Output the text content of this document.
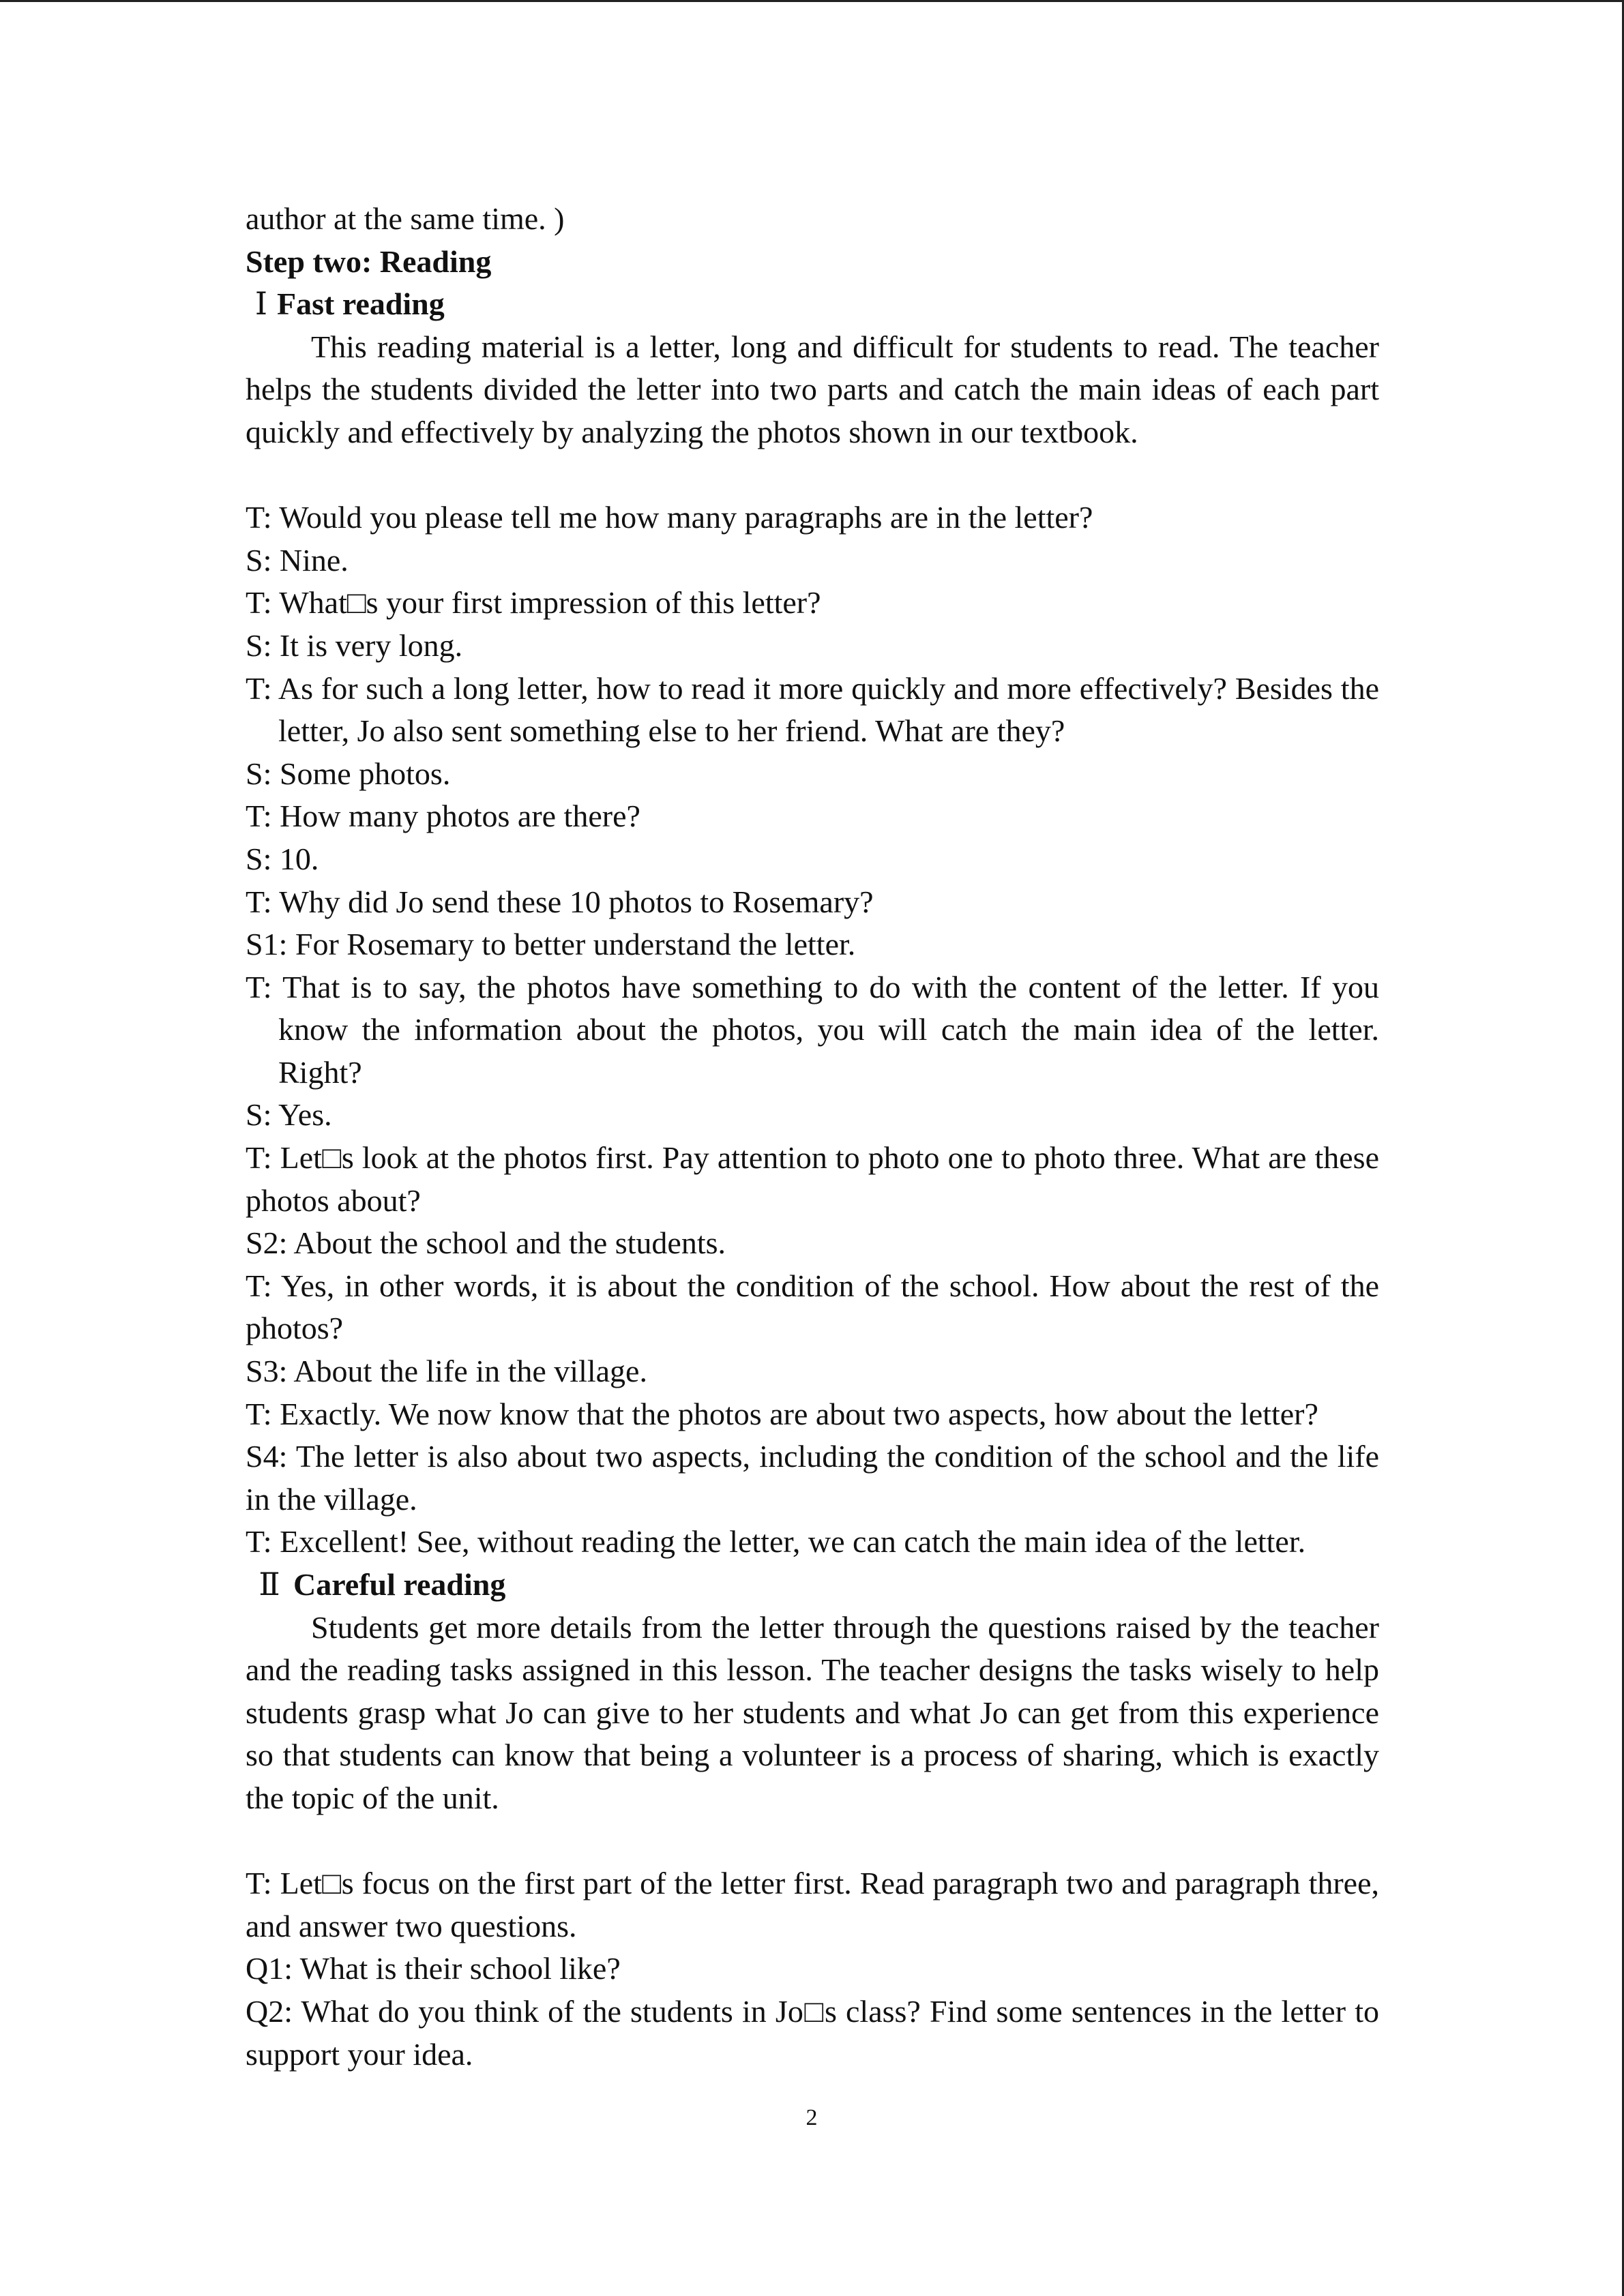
author at the same time. )

Step two: Reading

Ⅰ Fast reading

This reading material is a letter, long and difficult for students to read. The teacher helps the students divided the letter into two parts and catch the main ideas of each part quickly and effectively by analyzing the photos shown in our textbook.

T: Would you please tell me how many paragraphs are in the letter?

S: Nine.

T: What□s your first impression of this letter?

S: It is very long.

T: As for such a long letter, how to read it more quickly and more effectively? Besides the letter, Jo also sent something else to her friend. What are they?

S: Some photos.

T: How many photos are there?

S: 10.

T: Why did Jo send these 10 photos to Rosemary?

S1: For Rosemary to better understand the letter.

T: That is to say, the photos have something to do with the content of the letter. If you know the information about the photos, you will catch the main idea of the letter. Right?

S: Yes.

T: Let□s look at the photos first. Pay attention to photo one to photo three. What are these photos about?

S2: About the school and the students.

T: Yes, in other words, it is about the condition of the school. How about the rest of the photos?

S3: About the life in the village.

T: Exactly. We now know that the photos are about two aspects, how about the letter?

S4: The letter is also about two aspects, including the condition of the school and the life in the village.

T: Excellent! See, without reading the letter, we can catch the main idea of the letter.

Ⅱ Careful reading

Students get more details from the letter through the questions raised by the teacher and the reading tasks assigned in this lesson. The teacher designs the tasks wisely to help students grasp what Jo can give to her students and what Jo can get from this experience so that students can know that being a volunteer is a process of sharing, which is exactly the topic of the unit.

T: Let□s focus on the first part of the letter first. Read paragraph two and paragraph three, and answer two questions.

Q1: What is their school like?

Q2: What do you think of the students in Jo□s class? Find some sentences in the letter to support your idea.

2
